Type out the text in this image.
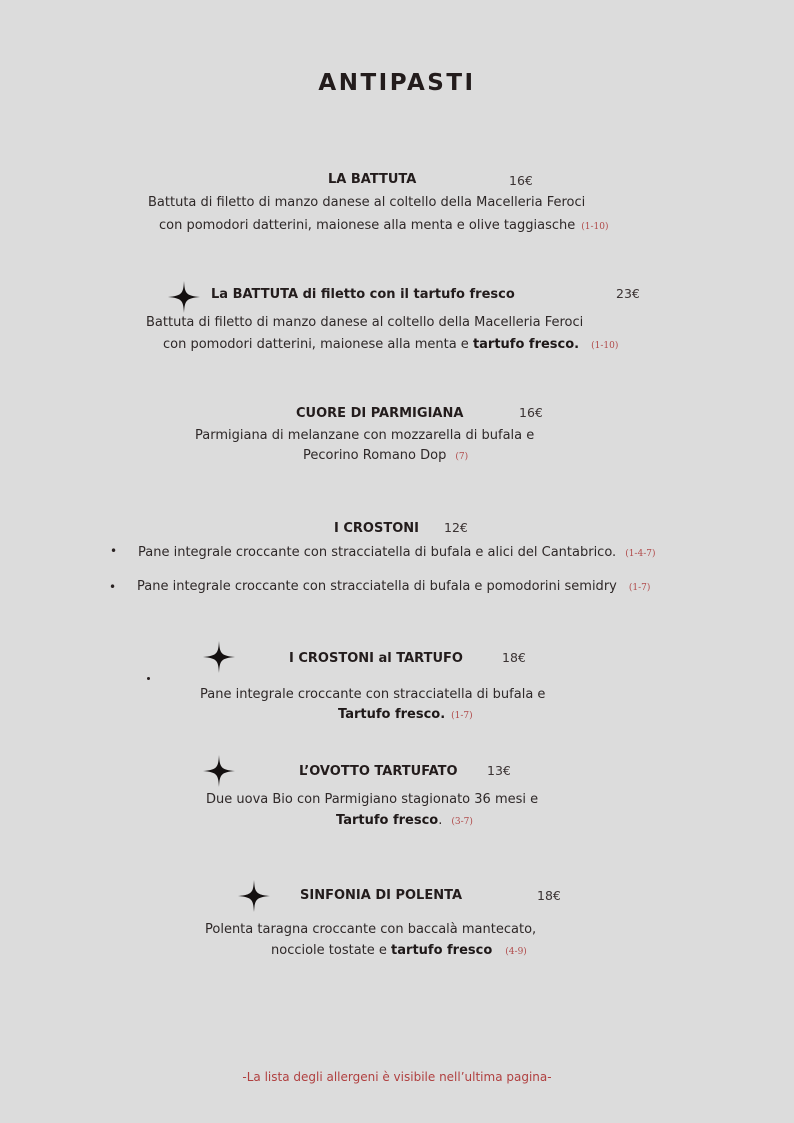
ANTIPASTI
LA BATTUTA	16€
Battuta di filetto di manzo danese al coltello della Macelleria Feroci
con pomodori datterini, maionese alla menta e olive taggiasche (1-10)
La BATTUTA di filetto con il tartufo fresco	23€
Battuta di filetto di manzo danese al coltello della Macelleria Feroci
con pomodori datterini, maionese alla menta e tartufo fresco. (1-10)
CUORE DI PARMIGIANA	16€
Parmigiana di melanzane con mozzarella di bufala e
Pecorino Romano Dop (7)
I CROSTONI 12€
• Pane integrale croccante con stracciatella di bufala e alici del Cantabrico. (1-4-7)
• Pane integrale croccante con stracciatella di bufala e pomodorini semidry (1-7)
I CROSTONI al TARTUFO	18€
Pane integrale croccante con stracciatella di bufala e
Tartufo fresco. (1-7)
L’OVOTTO TARTUFATO 13€
Due uova Bio con Parmigiano stagionato 36 mesi e
Tartufo fresco. (3-7)
SINFONIA DI POLENTA	18€
Polenta taragna croccante con baccalà mantecato,
nocciole tostate e tartufo fresco (4-9)
-La lista degli allergeni è visibile nell’ultima pagina-
